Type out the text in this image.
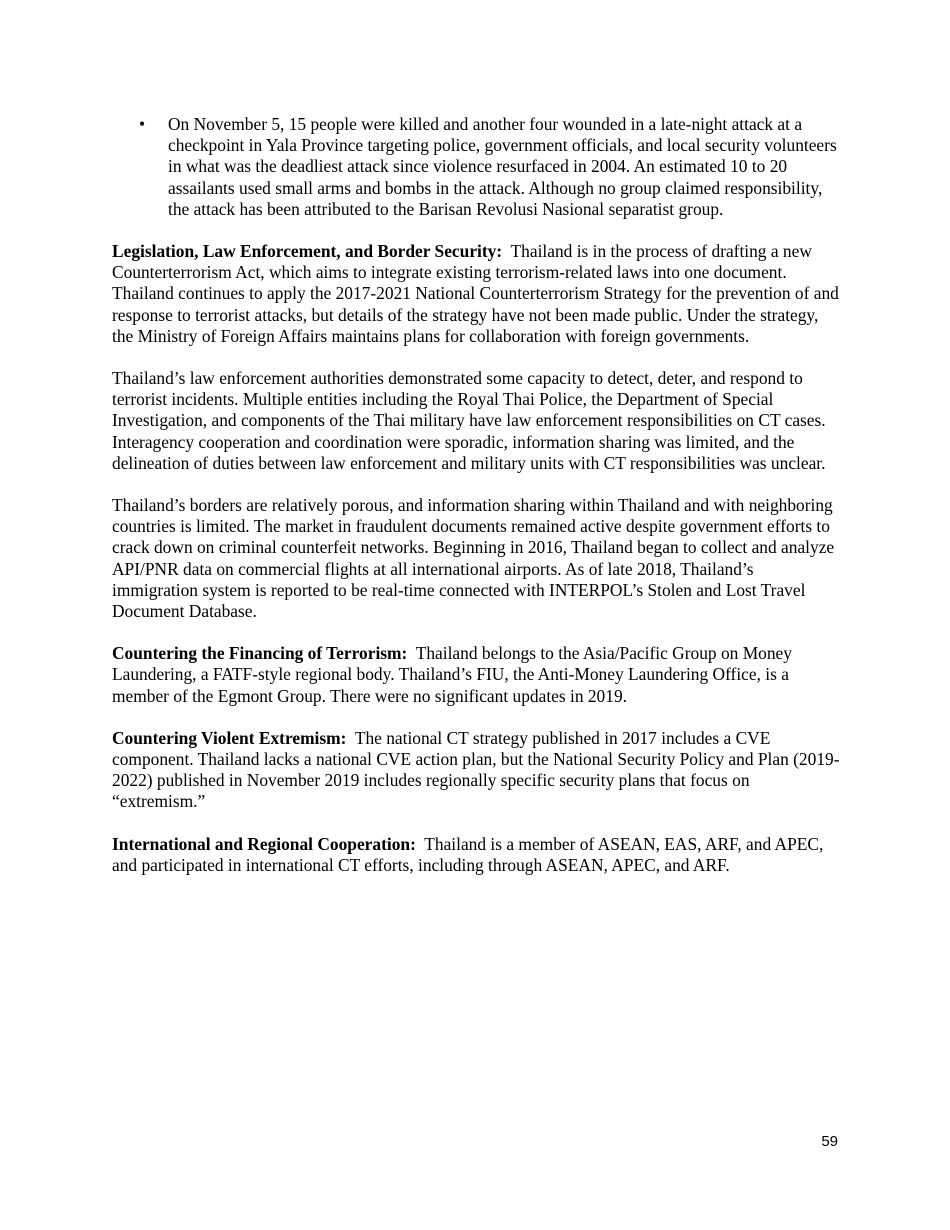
• On November 5, 15 people were killed and another four wounded in a late-night attack at a checkpoint in Yala Province targeting police, government officials, and local security volunteers in what was the deadliest attack since violence resurfaced in 2004. An estimated 10 to 20 assailants used small arms and bombs in the attack. Although no group claimed responsibility, the attack has been attributed to the Barisan Revolusi Nasional separatist group.

Legislation, Law Enforcement, and Border Security: Thailand is in the process of drafting a new Counterterrorism Act, which aims to integrate existing terrorism-related laws into one document. Thailand continues to apply the 2017-2021 National Counterterrorism Strategy for the prevention of and response to terrorist attacks, but details of the strategy have not been made public. Under the strategy, the Ministry of Foreign Affairs maintains plans for collaboration with foreign governments.

Thailand’s law enforcement authorities demonstrated some capacity to detect, deter, and respond to terrorist incidents. Multiple entities including the Royal Thai Police, the Department of Special Investigation, and components of the Thai military have law enforcement responsibilities on CT cases. Interagency cooperation and coordination were sporadic, information sharing was limited, and the delineation of duties between law enforcement and military units with CT responsibilities was unclear.

Thailand’s borders are relatively porous, and information sharing within Thailand and with neighboring countries is limited. The market in fraudulent documents remained active despite government efforts to crack down on criminal counterfeit networks. Beginning in 2016, Thailand began to collect and analyze API/PNR data on commercial flights at all international airports. As of late 2018, Thailand’s immigration system is reported to be real-time connected with INTERPOL’s Stolen and Lost Travel Document Database.

Countering the Financing of Terrorism: Thailand belongs to the Asia/Pacific Group on Money Laundering, a FATF-style regional body. Thailand’s FIU, the Anti-Money Laundering Office, is a member of the Egmont Group. There were no significant updates in 2019.

Countering Violent Extremism: The national CT strategy published in 2017 includes a CVE component. Thailand lacks a national CVE action plan, but the National Security Policy and Plan (2019-2022) published in November 2019 includes regionally specific security plans that focus on “extremism.”

International and Regional Cooperation: Thailand is a member of ASEAN, EAS, ARF, and APEC, and participated in international CT efforts, including through ASEAN, APEC, and ARF.

59
